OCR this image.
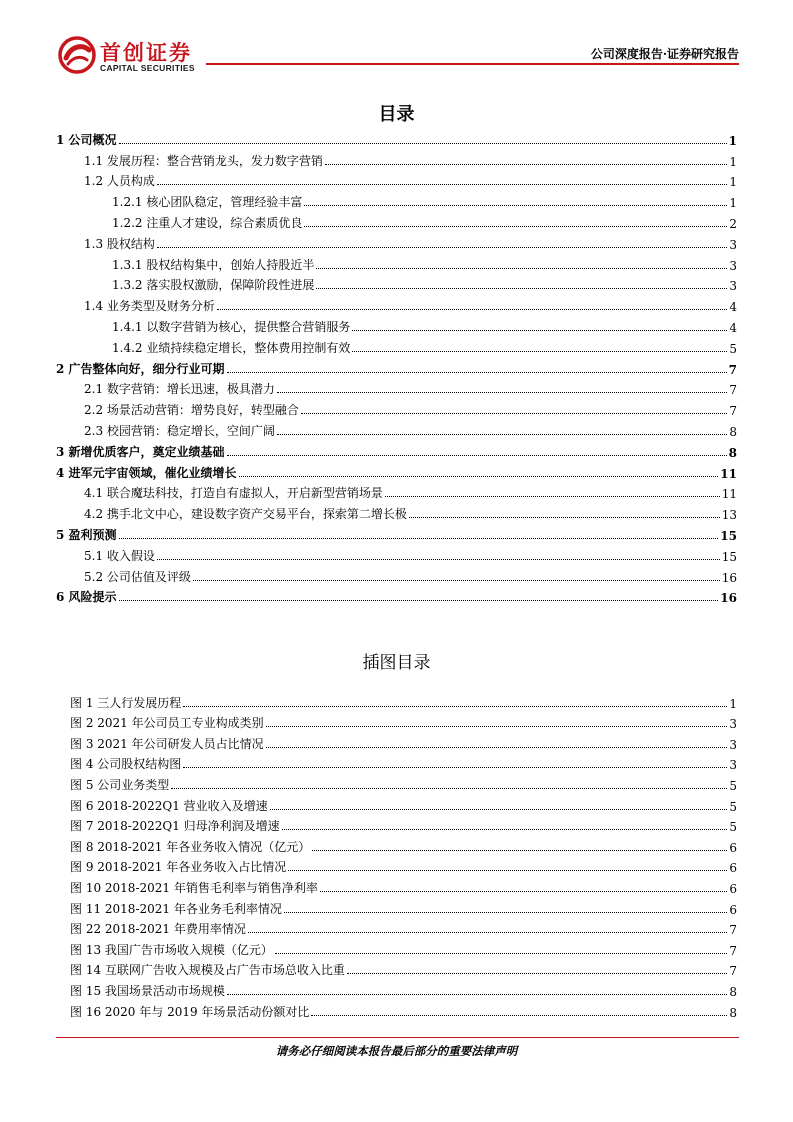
首创证券
CAPITAL SECURITIES
公司深度报告·证券研究报告
目录
1 公司概况	1
1.1 发展历程：整合营销龙头，发力数字营销	1
1.2 人员构成	1
1.2.1 核心团队稳定，管理经验丰富	1
1.2.2 注重人才建设，综合素质优良	2
1.3 股权结构	3
1.3.1 股权结构集中，创始人持股近半	3
1.3.2 落实股权激励，保障阶段性进展	3
1.4 业务类型及财务分析	4
1.4.1 以数字营销为核心，提供整合营销服务	4
1.4.2 业绩持续稳定增长，整体费用控制有效	5
2 广告整体向好，细分行业可期	7
2.1 数字营销：增长迅速，极具潜力	7
2.2 场景活动营销：增势良好，转型融合	7
2.3 校园营销：稳定增长，空间广阔	8
3 新增优质客户，奠定业绩基础	8
4 进军元宇宙领域，催化业绩增长	11
4.1 联合魔珐科技，打造自有虚拟人，开启新型营销场景	11
4.2 携手北文中心，建设数字资产交易平台，探索第二增长极	13
5 盈利预测	15
5.1 收入假设	15
5.2 公司估值及评级	16
6 风险提示	16
插图目录
图 1 三人行发展历程	1
图 2 2021 年公司员工专业构成类别	3
图 3 2021 年公司研发人员占比情况	3
图 4 公司股权结构图	3
图 5 公司业务类型	5
图 6 2018-2022Q1 营业收入及增速	5
图 7 2018-2022Q1 归母净利润及增速	5
图 8 2018-2021 年各业务收入情况（亿元）	6
图 9 2018-2021 年各业务收入占比情况	6
图 10 2018-2021 年销售毛利率与销售净利率	6
图 11 2018-2021 年各业务毛利率情况	6
图 22 2018-2021 年费用率情况	7
图 13 我国广告市场收入规模（亿元）	7
图 14 互联网广告收入规模及占广告市场总收入比重	7
图 15 我国场景活动市场规模	8
图 16 2020 年与 2019 年场景活动份额对比	8
请务必仔细阅读本报告最后部分的重要法律声明
